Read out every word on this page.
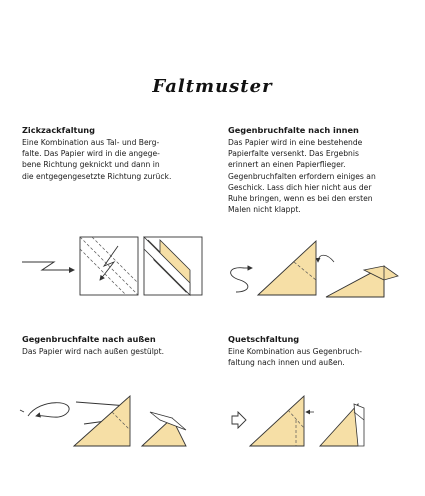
Faltmuster
Zickzackfaltung

Eine Kombination aus Tal- und Berg-
falte. Das Papier wird in die angege-
bene Richtung geknickt und dann in
die entgegengesetzte Richtung zurück.

Gegenbruchfalte nach innen

Das Papier wird in eine bestehende
Papierfalte versenkt. Das Ergebnis
erinnert an einen Papierflieger.
Gegenbruchfalten erfordern einiges an
Geschick. Lass dich hier nicht aus der
Ruhe bringen, wenn es bei den ersten
Malen nicht klappt.

Gegenbruchfalte nach außen

Das Papier wird nach außen gestülpt.

Quetschfaltung

Eine Kombination aus Gegenbruch-
faltung nach innen und außen.
